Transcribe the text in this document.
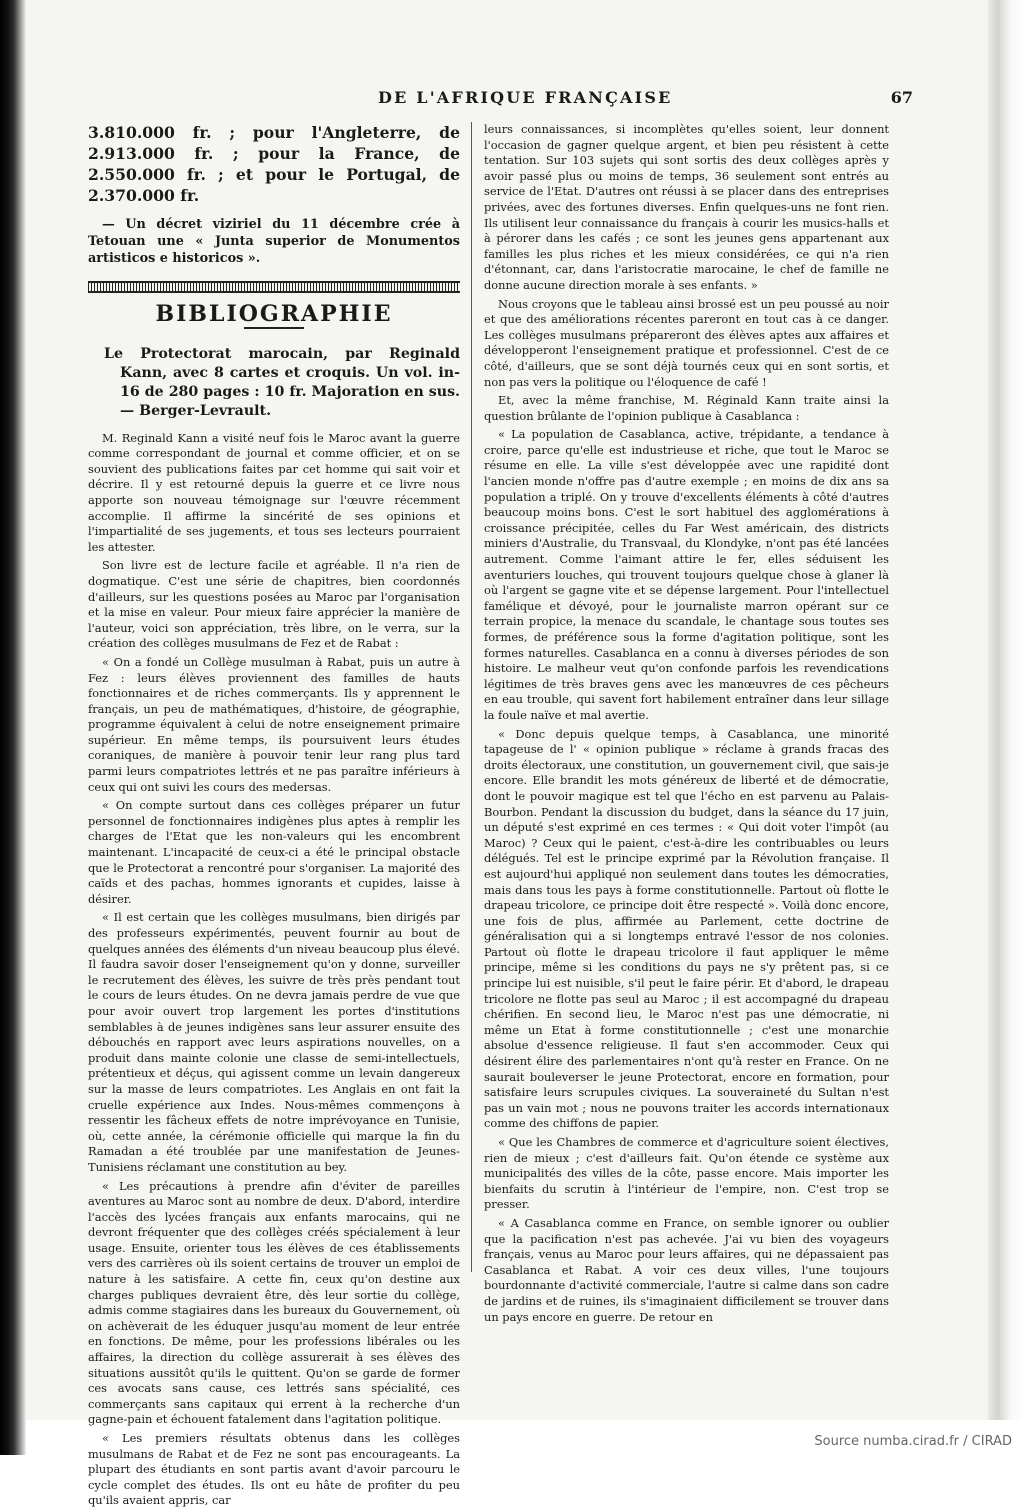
DE L'AFRIQUE FRANÇAISE	67

3.810.000 fr. ; pour l'Angleterre, de 2.913.000 fr. ; pour la France, de 2.550.000 fr. ; et pour le Portugal, de 2.370.000 fr.

— Un décret viziriel du 11 décembre crée à Tetouan une « Junta superior de Monumentos artisticos e historicos ».

BIBLIOGRAPHIE

Le Protectorat marocain, par Reginald Kann, avec 8 cartes et croquis. Un vol. in-16 de 280 pages : 10 fr. Majoration en sus. — Berger-Levrault.

M. Reginald Kann a visité neuf fois le Maroc avant la guerre comme correspondant de journal et comme officier, et on se souvient des publications faites par cet homme qui sait voir et décrire. Il y est retourné depuis la guerre et ce livre nous apporte son nouveau témoignage sur l'œuvre récemment accomplie. Il affirme la sincérité de ses opinions et l'impartialité de ses jugements, et tous ses lecteurs pourraient les attester.

Son livre est de lecture facile et agréable. Il n'a rien de dogmatique. C'est une série de chapitres, bien coordonnés d'ailleurs, sur les questions posées au Maroc par l'organisation et la mise en valeur. Pour mieux faire apprécier la manière de l'auteur, voici son appréciation, très libre, on le verra, sur la création des collèges musulmans de Fez et de Rabat :

« On a fondé un Collège musulman à Rabat, puis un autre à Fez : leurs élèves proviennent des familles de hauts fonctionnaires et de riches commerçants. Ils y apprennent le français, un peu de mathématiques, d'histoire, de géographie, programme équivalent à celui de notre enseignement primaire supérieur. En même temps, ils poursuivent leurs études coraniques, de manière à pouvoir tenir leur rang plus tard parmi leurs compatriotes lettrés et ne pas paraître inférieurs à ceux qui ont suivi les cours des medersas.

« On compte surtout dans ces collèges préparer un futur personnel de fonctionnaires indigènes plus aptes à remplir les charges de l'Etat que les non-valeurs qui les encombrent maintenant. L'incapacité de ceux-ci a été le principal obstacle que le Protectorat a rencontré pour s'organiser. La majorité des caïds et des pachas, hommes ignorants et cupides, laisse à désirer.

« Il est certain que les collèges musulmans, bien dirigés par des professeurs expérimentés, peuvent fournir au bout de quelques années des éléments d'un niveau beaucoup plus élevé. Il faudra savoir doser l'enseignement qu'on y donne, surveiller le recrutement des élèves, les suivre de très près pendant tout le cours de leurs études. On ne devra jamais perdre de vue que pour avoir ouvert trop largement les portes d'institutions semblables à de jeunes indigènes sans leur assurer ensuite des débouchés en rapport avec leurs aspirations nouvelles, on a produit dans mainte colonie une classe de semi-intellectuels, prétentieux et déçus, qui agissent comme un levain dangereux sur la masse de leurs compatriotes. Les Anglais en ont fait la cruelle expérience aux Indes. Nous-mêmes commençons à ressentir les fâcheux effets de notre imprévoyance en Tunisie, où, cette année, la cérémonie officielle qui marque la fin du Ramadan a été troublée par une manifestation de Jeunes-Tunisiens réclamant une constitution au bey.

« Les précautions à prendre afin d'éviter de pareilles aventures au Maroc sont au nombre de deux. D'abord, interdire l'accès des lycées français aux enfants marocains, qui ne devront fréquenter que des collèges créés spécialement à leur usage. Ensuite, orienter tous les élèves de ces établissements vers des carrières où ils soient certains de trouver un emploi de nature à les satisfaire. A cette fin, ceux qu'on destine aux charges publiques devraient être, dès leur sortie du collège, admis comme stagiaires dans les bureaux du Gouvernement, où on achèverait de les éduquer jusqu'au moment de leur entrée en fonctions. De même, pour les professions libérales ou les affaires, la direction du collège assurerait à ses élèves des situations aussitôt qu'ils le quittent. Qu'on se garde de former ces avocats sans cause, ces lettrés sans spécialité, ces commerçants sans capitaux qui errent à la recherche d'un gagne-pain et échouent fatalement dans l'agitation politique.

« Les premiers résultats obtenus dans les collèges musulmans de Rabat et de Fez ne sont pas encourageants. La plupart des étudiants en sont partis avant d'avoir parcouru le cycle complet des études. Ils ont eu hâte de profiter du peu qu'ils avaient appris, car

leurs connaissances, si incomplètes qu'elles soient, leur donnent l'occasion de gagner quelque argent, et bien peu résistent à cette tentation. Sur 103 sujets qui sont sortis des deux collèges après y avoir passé plus ou moins de temps, 36 seulement sont entrés au service de l'Etat. D'autres ont réussi à se placer dans des entreprises privées, avec des fortunes diverses. Enfin quelques-uns ne font rien. Ils utilisent leur connaissance du français à courir les musics-halls et à pérorer dans les cafés ; ce sont les jeunes gens appartenant aux familles les plus riches et les mieux considérées, ce qui n'a rien d'étonnant, car, dans l'aristocratie marocaine, le chef de famille ne donne aucune direction morale à ses enfants. »

Nous croyons que le tableau ainsi brossé est un peu poussé au noir et que des améliorations récentes pareront en tout cas à ce danger. Les collèges musulmans prépareront des élèves aptes aux affaires et développeront l'enseignement pratique et professionnel. C'est de ce côté, d'ailleurs, que se sont déjà tournés ceux qui en sont sortis, et non pas vers la politique ou l'éloquence de café !

Et, avec la même franchise, M. Réginald Kann traite ainsi la question brûlante de l'opinion publique à Casablanca :

« La population de Casablanca, active, trépidante, a tendance à croire, parce qu'elle est industrieuse et riche, que tout le Maroc se résume en elle. La ville s'est développée avec une rapidité dont l'ancien monde n'offre pas d'autre exemple ; en moins de dix ans sa population a triplé. On y trouve d'excellents éléments à côté d'autres beaucoup moins bons. C'est le sort habituel des agglomérations à croissance précipitée, celles du Far West américain, des districts miniers d'Australie, du Transvaal, du Klondyke, n'ont pas été lancées autrement. Comme l'aimant attire le fer, elles séduisent les aventuriers louches, qui trouvent toujours quelque chose à glaner là où l'argent se gagne vite et se dépense largement. Pour l'intellectuel famélique et dévoyé, pour le journaliste marron opérant sur ce terrain propice, la menace du scandale, le chantage sous toutes ses formes, de préférence sous la forme d'agitation politique, sont les formes naturelles. Casablanca en a connu à diverses périodes de son histoire. Le malheur veut qu'on confonde parfois les revendications légitimes de très braves gens avec les manœuvres de ces pêcheurs en eau trouble, qui savent fort habilement entraîner dans leur sillage la foule naïve et mal avertie.

« Donc depuis quelque temps, à Casablanca, une minorité tapageuse de l' « opinion publique » réclame à grands fracas des droits électoraux, une constitution, un gouvernement civil, que sais-je encore. Elle brandit les mots généreux de liberté et de démocratie, dont le pouvoir magique est tel que l'écho en est parvenu au Palais-Bourbon. Pendant la discussion du budget, dans la séance du 17 juin, un député s'est exprimé en ces termes : « Qui doit voter l'impôt (au Maroc) ? Ceux qui le paient, c'est-à-dire les contribuables ou leurs délégués. Tel est le principe exprimé par la Révolution française. Il est aujourd'hui appliqué non seulement dans toutes les démocraties, mais dans tous les pays à forme constitutionnelle. Partout où flotte le drapeau tricolore, ce principe doit être respecté ». Voilà donc encore, une fois de plus, affirmée au Parlement, cette doctrine de généralisation qui a si longtemps entravé l'essor de nos colonies. Partout où flotte le drapeau tricolore il faut appliquer le même principe, même si les conditions du pays ne s'y prêtent pas, si ce principe lui est nuisible, s'il peut le faire périr. Et d'abord, le drapeau tricolore ne flotte pas seul au Maroc ; il est accompagné du drapeau chérifien. En second lieu, le Maroc n'est pas une démocratie, ni même un Etat à forme constitutionnelle ; c'est une monarchie absolue d'essence religieuse. Il faut s'en accommoder. Ceux qui désirent élire des parlementaires n'ont qu'à rester en France. On ne saurait bouleverser le jeune Protectorat, encore en formation, pour satisfaire leurs scrupules civiques. La souveraineté du Sultan n'est pas un vain mot ; nous ne pouvons traiter les accords internationaux comme des chiffons de papier.

« Que les Chambres de commerce et d'agriculture soient électives, rien de mieux ; c'est d'ailleurs fait. Qu'on étende ce système aux municipalités des villes de la côte, passe encore. Mais importer les bienfaits du scrutin à l'intérieur de l'empire, non. C'est trop se presser.

« A Casablanca comme en France, on semble ignorer ou oublier que la pacification n'est pas achevée. J'ai vu bien des voyageurs français, venus au Maroc pour leurs affaires, qui ne dépassaient pas Casablanca et Rabat. A voir ces deux villes, l'une toujours bourdonnante d'activité commerciale, l'autre si calme dans son cadre de jardins et de ruines, ils s'imaginaient difficilement se trouver dans un pays encore en guerre. De retour en

Source numba.cirad.fr / CIRAD
